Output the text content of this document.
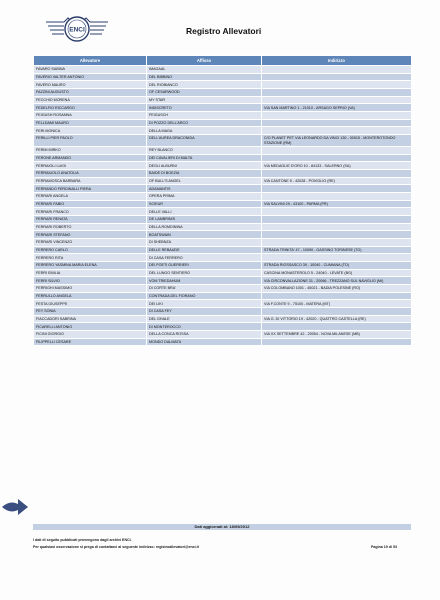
ENCI	Registro Allevatori
Allevatore	Affisso	Indirizzo
FAVARO SABINA	IMAGAAL	
FAVERIO VALTER ANTONIO	DEL BIBBINO	
FAVERO MAURO	DEL RIOBIANCO	
FAZZINI AUGUSTO	OF CESARWOOD	
FECCHIO MORENA	MY STAR	
FEDELFIO RICCARDO	INDISCRETO	VIA SAN MARTINO 1 - 21010 - ARSAGO SEPRIO (VA)
FEIGUSH ROSANNA	FEIGUSCH	
FELLDAMI MAURO	DI POZZO DELL'ARCO	
FERI MONICA	DELLA MAGA	
FERILLI PIER PAOLO	DELL'AUREA DRACONIDA	C/O PLANET PET VIA LEONARDO DA VINCI 130 - 00015 - MONTEROTONDO STAZIONE (RM)
FERMI MIRKO	REY BLANCO	
FERONE ARMANDO	DEI CAVALIERI DI MALTA	
FERRAIOLI LUIGI	DEGLI ALBURNI	VIA MEDAGLIE D'ORO 10 - 84133 - SALERNO (SA)
FERRAIUOLO ANATOLIA	BAIDE DI BOEZIA	
FERRAMOSCA BARBARA	OF BULL'S ANGEL	VIA CANTONE 5 - 42028 - POVIGLIO (RE)
FERRANDO FERDINALLI PIERA	ADAMANTIS	
FERRARI ANGELA	OPERA PRIMA	
FERRARI FABIO	SCIEUR	VIA SALVINI 29 - 43100 - PARMA (PR)
FERRARI FRANCO	DELLE VALLI	
FERRARI RENATA	DE LAMBRINIS	
FERRARI ROBERTO	DELLA ROMDININA	
FERRARI STEFANO	BOATSWAIN	
FERRARI VINCENZO	DI SHEBNZA	
FERRERO CARLO	DELLE REBAUDE	STRADA TRINITA' 47 - 10090 - GASSINO TORINESE (TO)
FERRERO RITA	DI CASA FERRERO	
FERRERO YASMINA MARIA ELENA	DEI POETI GUERRIERI	STRADA RIOSSASCO 39 - 10040 - CUMIANA (TO)
FERRI EMILIA	DEL LUNGO SENTIERO	CASCINA MONASTEROLO 5 - 24040 - LEVATE (BG)
FERRI SILVIO	VOM TRIEDAHUM	VIA CIRCONVALLAZIONE 31 - 20066 - TREZZANO SUL NAVIGLIO (MI)
FERRIGHI MASSIMO	DI CORTE BRA'	VIA COLOMBANO 1001 - 45021 - BADIA POLESINE (RO)
FERRULLO ANGELA	CONTRADA DEL FIORANO	
FESTA GIUSEPPE	DEI LIKI	VIA F.CONTE 9 - 75100 - MATERA (MT)
FEY SONIA	DI CASA FEY	
FIACCADORI SABRINA	DEL GHALE	VIA G. DI VITTORIO 19 - 42020 - QUATTRO CASTELLA (RE)
FICARELLI ANTONIO	DI MONTEROCCO	
FICINI GIORGIO	DELLA CONCA ROSSA	VIA XX SETTEMBRE 42 - 20054 - NOVA MILANESE (MB)
FILIPPELLI CESARE	MONDO DALMATA	
Dati aggiornati al: 18/09/2012
I dati di seguito pubblicati provengono dagli archivi ENCI.
Per qualsiasi osservazione si prega di contattarci al seguente indirizzo: registroallevatori@enci.it	Pagina 19 di 53
